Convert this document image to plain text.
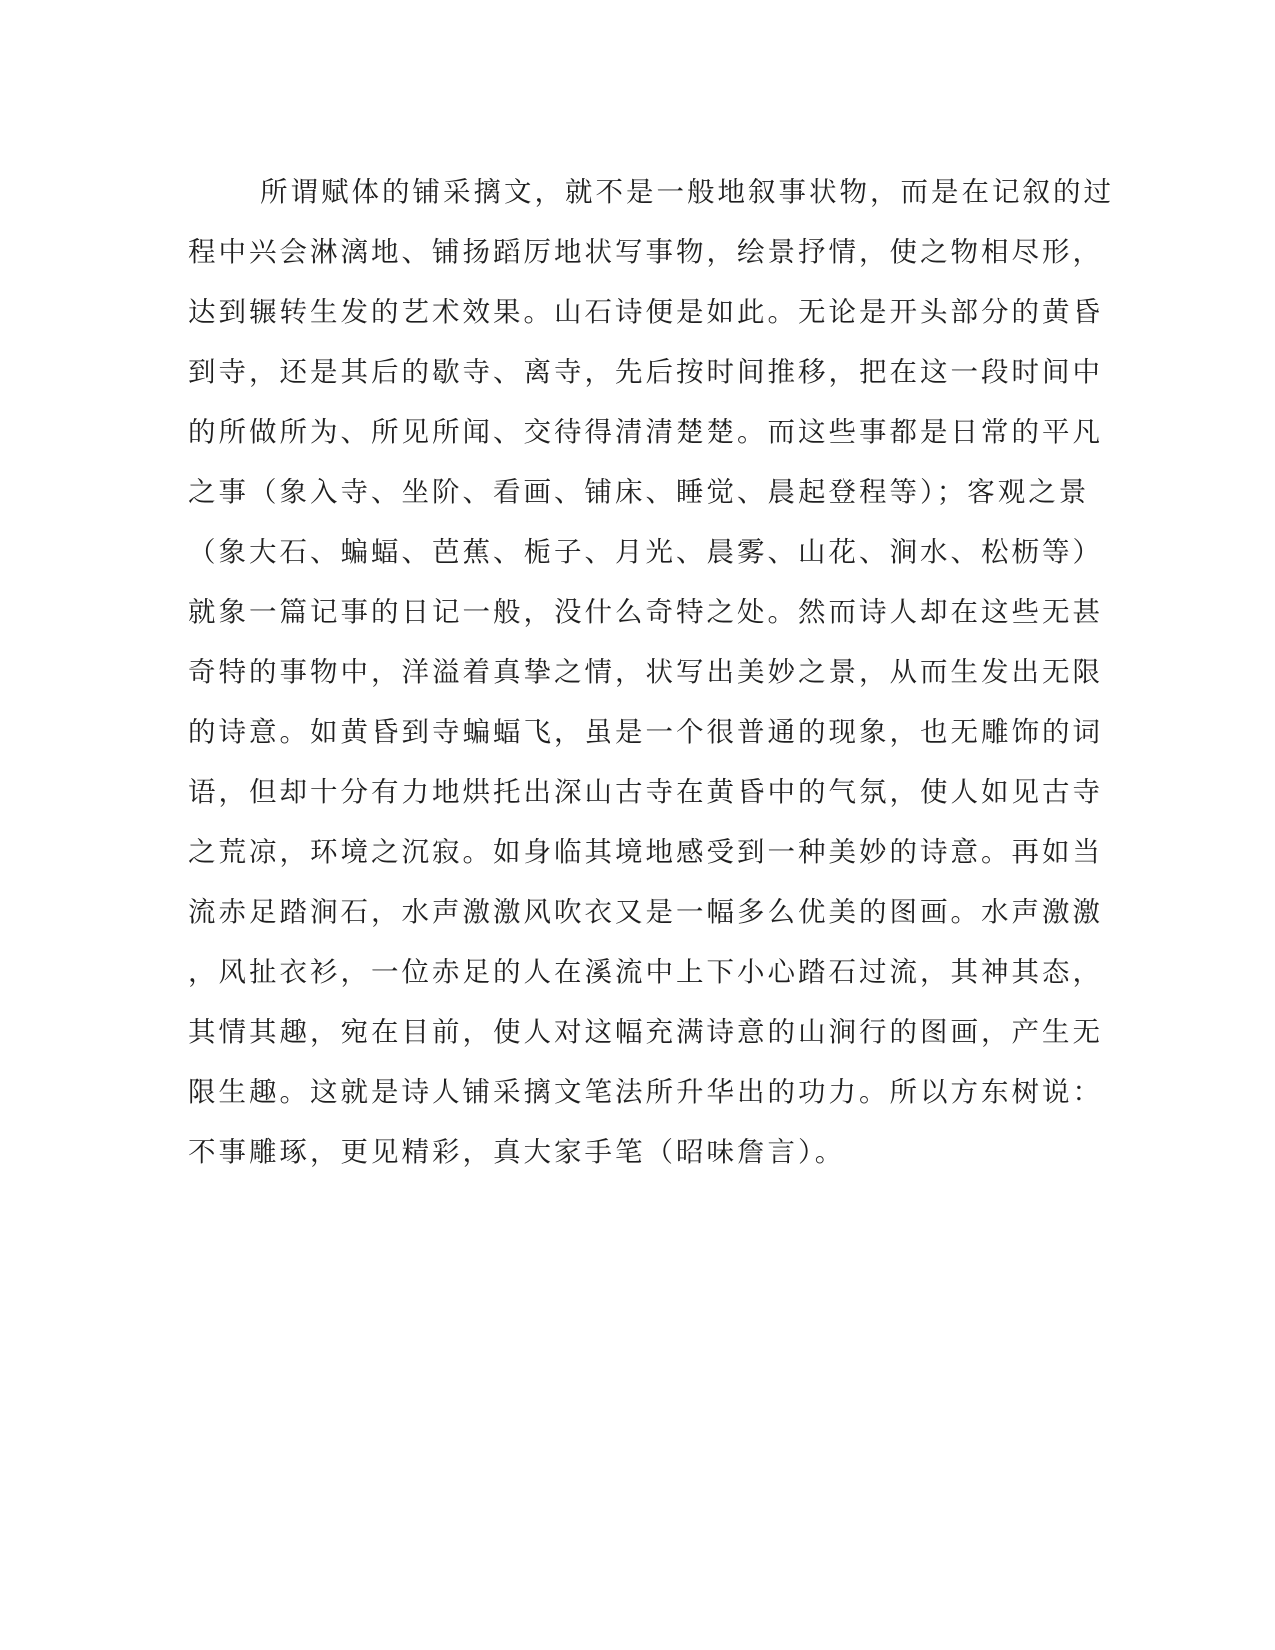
所谓赋体的铺采摛文，就不是一般地叙事状物，而是在记叙的过
程中兴会淋漓地、铺扬蹈厉地状写事物，绘景抒情，使之物相尽形，
达到辗转生发的艺术效果。山石诗便是如此。无论是开头部分的黄昏
到寺，还是其后的歇寺、离寺，先后按时间推移，把在这一段时间中
的所做所为、所见所闻、交待得清清楚楚。而这些事都是日常的平凡
之事（象入寺、坐阶、看画、铺床、睡觉、晨起登程等）；客观之景
（象大石、蝙蝠、芭蕉、栀子、月光、晨雾、山花、涧水、松枥等）
就象一篇记事的日记一般，没什么奇特之处。然而诗人却在这些无甚
奇特的事物中，洋溢着真挚之情，状写出美妙之景，从而生发出无限
的诗意。如黄昏到寺蝙蝠飞，虽是一个很普通的现象，也无雕饰的词
语，但却十分有力地烘托出深山古寺在黄昏中的气氛，使人如见古寺
之荒凉，环境之沉寂。如身临其境地感受到一种美妙的诗意。再如当
流赤足踏涧石，水声激激风吹衣又是一幅多么优美的图画。水声激激
，风扯衣衫，一位赤足的人在溪流中上下小心踏石过流，其神其态，
其情其趣，宛在目前，使人对这幅充满诗意的山涧行的图画，产生无
限生趣。这就是诗人铺采摛文笔法所升华出的功力。所以方东树说：
不事雕琢，更见精彩，真大家手笔（昭味詹言）。
